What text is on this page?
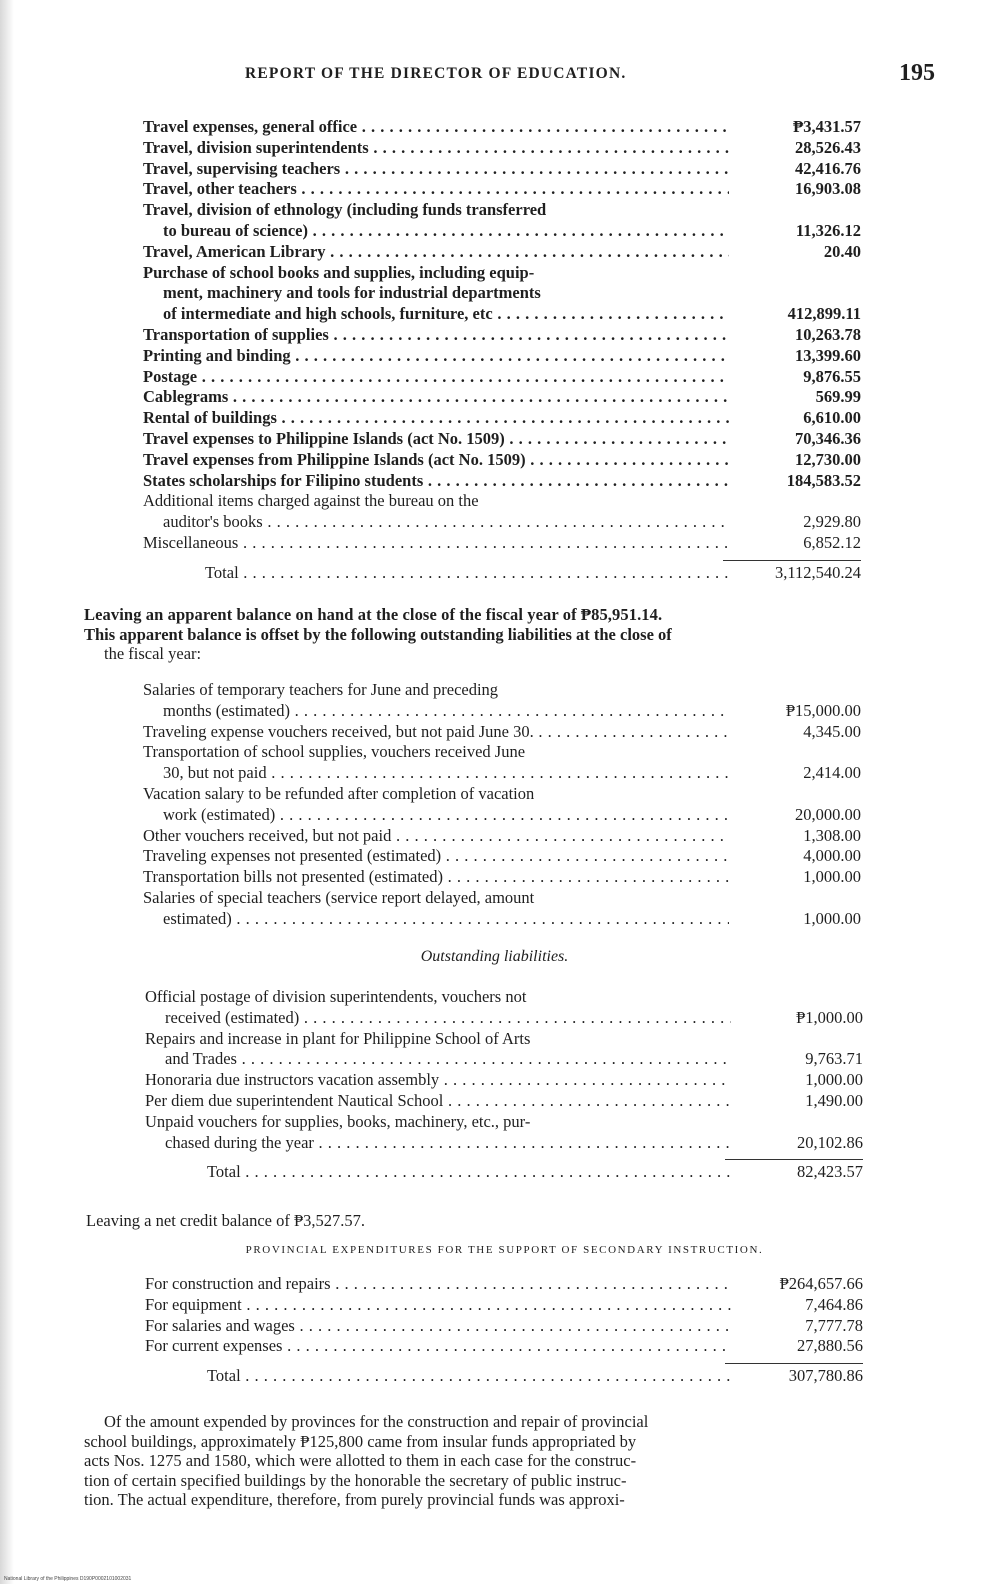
REPORT OF THE DIRECTOR OF EDUCATION.	195
Travel expenses, general office . . .	₱3,431.57
Travel, division superintendents . . .	28,526.43
Travel, supervising teachers . . .	42,416.76
Travel, other teachers . . .	16,903.08
Travel, division of ethnology (including funds transferred
to bureau of science) . . .	11,326.12
Travel, American Library . . .	20.40
Purchase of school books and supplies, including equip-
ment, machinery and tools for industrial departments
of intermediate and high schools, furniture, etc . . .	412,899.11
Transportation of supplies . . .	10,263.78
Printing and binding . . .	13,399.60
Postage . . .	9,876.55
Cablegrams . . .	569.99
Rental of buildings . . .	6,610.00
Travel expenses to Philippine Islands (act No. 1509) . . .	70,346.36
Travel expenses from Philippine Islands (act No. 1509) . . .	12,730.00
States scholarships for Filipino students . . .	184,583.52
Additional items charged against the bureau on the
auditor's books . . .	2,929.80
Miscellaneous . . .	6,852.12
Total . . .	3,112,540.24
Leaving an apparent balance on hand at the close of the fiscal year of ₱85,951.14.
This apparent balance is offset by the following outstanding liabilities at the close of
the fiscal year:
Salaries of temporary teachers for June and preceding
months (estimated) . . .	₱15,000.00
Traveling expense vouchers received, but not paid June 30. . . .	4,345.00
Transportation of school supplies, vouchers received June
30, but not paid . . .	2,414.00
Vacation salary to be refunded after completion of vacation
work (estimated) . . .	20,000.00
Other vouchers received, but not paid . . .	1,308.00
Traveling expenses not presented (estimated) . . .	4,000.00
Transportation bills not presented (estimated) . . .	1,000.00
Salaries of special teachers (service report delayed, amount
estimated) . . .	1,000.00
Outstanding liabilities.
Official postage of division superintendents, vouchers not
received (estimated) . . .	₱1,000.00
Repairs and increase in plant for Philippine School of Arts
and Trades . . .	9,763.71
Honoraria due instructors vacation assembly . . .	1,000.00
Per diem due superintendent Nautical School . . .	1,490.00
Unpaid vouchers for supplies, books, machinery, etc., pur-
chased during the year . . .	20,102.86
Total . . .	82,423.57
Leaving a net credit balance of ₱3,527.57.
PROVINCIAL EXPENDITURES FOR THE SUPPORT OF SECONDARY INSTRUCTION.
For construction and repairs . . .	₱264,657.66
For equipment . . .	7,464.86
For salaries and wages . . .	7,777.78
For current expenses . . .	27,880.56
Total . . .	307,780.86
Of the amount expended by provinces for the construction and repair of provincial
school buildings, approximately ₱125,800 came from insular funds appropriated by
acts Nos. 1275 and 1580, which were allotted to them in each case for the construc-
tion of certain specified buildings by the honorable the secretary of public instruc-
tion. The actual expenditure, therefore, from purely provincial funds was approxi-
National Library of the Philippines D190P0002101002031
